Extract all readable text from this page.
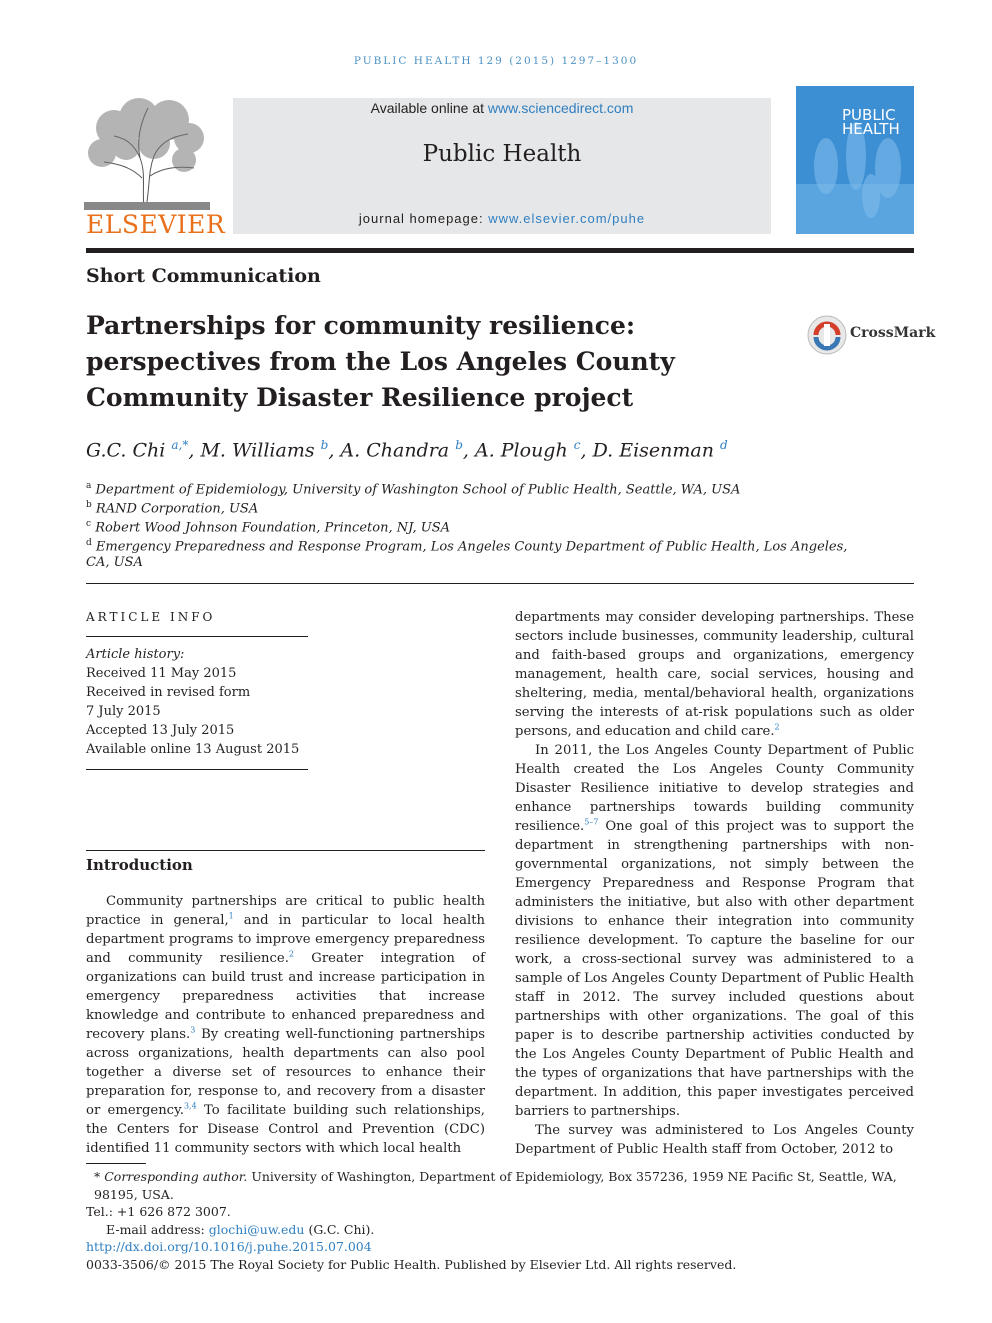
PUBLIC HEALTH 129 (2015) 1297–1300
ELSEVIER
Available online at www.sciencedirect.com
Public Health
journal homepage: www.elsevier.com/puhe
PUBLIC
HEALTH
Short Communication
Partnerships for community resilience: perspectives from the Los Angeles County Community Disaster Resilience project
CrossMark
G.C. Chi $^{a,*}$, M. Williams $^b$, A. Chandra $^b$, A. Plough $^c$, D. Eisenman $^d$
$^a$ Department of Epidemiology, University of Washington School of Public Health, Seattle, WA, USA
$^b$ RAND Corporation, USA
$^c$ Robert Wood Johnson Foundation, Princeton, NJ, USA
$^d$ Emergency Preparedness and Response Program, Los Angeles County Department of Public Health, Los Angeles,
CA, USA
ARTICLE INFO
Article history:
Received 11 May 2015
Received in revised form
7 July 2015
Accepted 13 July 2015
Available online 13 August 2015
Introduction

Community partnerships are critical to public health practice in general,$^1$ and in particular to local health department programs to improve emergency preparedness and community resilience.$^2$ Greater integration of organizations can build trust and increase participation in emergency preparedness activities that increase knowledge and contribute to enhanced preparedness and recovery plans.$^3$ By creating well-functioning partnerships across organizations, health departments can also pool together a diverse set of resources to enhance their preparation for, response to, and recovery from a disaster or emergency.$^{3,4}$ To facilitate building such relationships, the Centers for Disease Control and Prevention (CDC) identified 11 community sectors with which local health

departments may consider developing partnerships. These sectors include businesses, community leadership, cultural and faith-based groups and organizations, emergency management, health care, social services, housing and sheltering, media, mental/behavioral health, organizations serving the interests of at-risk populations such as older persons, and education and child care.$^2$

In 2011, the Los Angeles County Department of Public Health created the Los Angeles County Community Disaster Resilience initiative to develop strategies and enhance partnerships towards building community resilience.$^{5-7}$ One goal of this project was to support the department in strengthening partnerships with non-governmental organizations, not simply between the Emergency Preparedness and Response Program that administers the initiative, but also with other department divisions to enhance their integration into community resilience development. To capture the baseline for our work, a cross-sectional survey was administered to a sample of Los Angeles County Department of Public Health staff in 2012. The survey included questions about partnerships with other organizations. The goal of this paper is to describe partnership activities conducted by the Los Angeles County Department of Public Health and the types of organizations that have partnerships with the department. In addition, this paper investigates perceived barriers to partnerships.

The survey was administered to Los Angeles County Department of Public Health staff from October, 2012 to

* Corresponding author. University of Washington, Department of Epidemiology, Box 357236, 1959 NE Pacific St, Seattle, WA, 98195, USA.
Tel.: +1 626 872 3007.
E-mail address: glochi@uw.edu (G.C. Chi).
http://dx.doi.org/10.1016/j.puhe.2015.07.004
0033-3506/© 2015 The Royal Society for Public Health. Published by Elsevier Ltd. All rights reserved.
